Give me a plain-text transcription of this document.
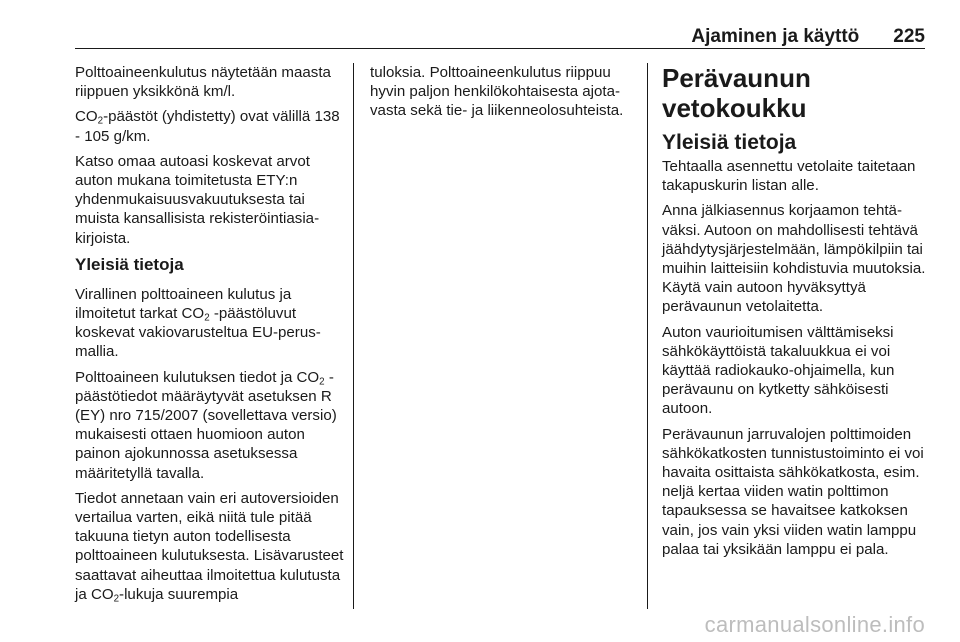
Ajaminen ja käyttö 225

Polttoaineenkulutus näytetään maasta riippuen yksikkönä km/l.

$CO_2$-päästöt (yhdistetty) ovat välillä 138 - 105 g/km.

Katso omaa autoasi koskevat arvot auton mukana toimitetusta ETY:n yhdenmukaisuusvakuutuksesta tai muista kansallisista rekisteröintiasiakirjoista.

Yleisiä tietoja

Virallinen polttoaineen kulutus ja ilmoitetut tarkat $CO_2$ -päästöluvut koskevat vakiovarusteltua EU-perusmallia.

Polttoaineen kulutuksen tiedot ja $CO_2$ -päästötiedot määräytyvät asetuksen R (EY) nro 715/2007 (sovellettava versio) mukaisesti ottaen huomioon auton painon ajokunnossa asetuksessa määritetyllä tavalla.

Tiedot annetaan vain eri autoversioiden vertailua varten, eikä niitä tule pitää takuuna tietyn auton todellisesta polttoaineen kulutuksesta. Lisävarusteet saattavat aiheuttaa ilmoitettua kulutusta ja $CO_2$-lukuja suurempia

tuloksia. Polttoaineenkulutus riippuu hyvin paljon henkilökohtaisesta ajotavasta sekä tie- ja liikenneolosuhteista.

Perävaunun vetokoukku
Yleisiä tietoja

Tehtaalla asennettu vetolaite taitetaan takapuskurin listan alle.

Anna jälkiasennus korjaamon tehtäväksi. Autoon on mahdollisesti tehtävä jäähdytysjärjestelmään, lämpökilpiin tai muihin laitteisiin kohdistuvia muutoksia. Käytä vain autoon hyväksyttyä perävaunun vetolaitetta.

Auton vaurioitumisen välttämiseksi sähkökäyttöistä takaluukkua ei voi käyttää radiokauko-ohjaimella, kun perävaunu on kytketty sähköisesti autoon.

Perävaunun jarruvalojen polttimoiden sähkökatkosten tunnistustoiminto ei voi havaita osittaista sähkökatkosta, esim. neljä kertaa viiden watin polttimon tapauksessa se havaitsee katkoksen vain, jos vain yksi viiden watin lamppu palaa tai yksikään lamppu ei pala.

carmanualsonline.info
